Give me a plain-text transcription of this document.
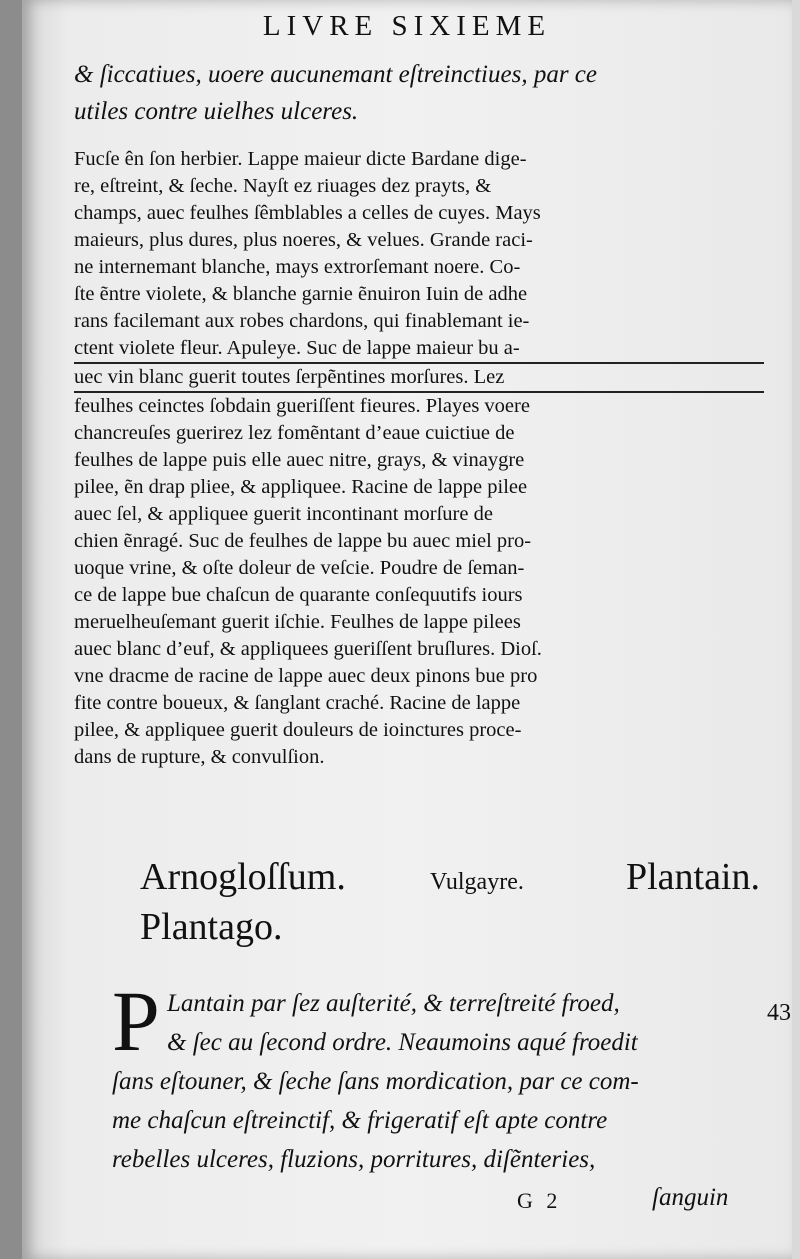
LIVRE SIXIEME
& ſiccatiues, uoere aucunemant eſtreinctiues, par ce
utiles contre uielhes ulceres.
Fucſe ên ſon herbier. Lappe maieur dicte Bardane dige-
re, eſtreint, & ſeche. Nayſt ez riuages dez prayts, &
champs, auec feulhes ſêmblables a celles de cuyes. Mays
maieurs, plus dures, plus noeres, & velues. Grande raci-
ne internemant blanche, mays extrorſemant noere. Co-
ſte ẽntre violete, & blanche garnie ẽnuiron Iuin de adhe
rans facilemant aux robes chardons, qui finablemant ie-
ctent violete fleur. Apuleye. Suc de lappe maieur bu a-
uec vin blanc guerit toutes ſerpẽntines morſures. Lez
feulhes ceinctes ſobdain gueriſſent fieures. Playes voere
chancreuſes guerirez lez fomẽntant d’eaue cuictiue de
feulhes de lappe puis elle auec nitre, grays, & vinaygre
pilee, ẽn drap pliee, & appliquee. Racine de lappe pilee
auec ſel, & appliquee guerit incontinant morſure de
chien ẽnragé. Suc de feulhes de lappe bu auec miel pro-
uoque vrine, & oſte doleur de veſcie. Poudre de ſeman-
ce de lappe bue chaſcun de quarante conſequutifs iours
meruelheuſemant guerit iſchie. Feulhes de lappe pilees
auec blanc d’euf, & appliquees gueriſſent bruſlures. Dioſ.
vne dracme de racine de lappe auec deux pinons bue pro
fite contre boueux, & ſanglant craché. Racine de lappe
pilee, & appliquee guerit douleurs de ioinctures proce-
dans de rupture, & convulſion.
Arnogloſſum.	Vulgayre.	Plantain.
Plantago.
P Lantain par ſez auſterité, & terreſtreité froed,
& ſec au ſecond ordre. Neaumoins aqué froedit
ſans eſtouner, & ſeche ſans mordication, par ce com-
me chaſcun eſtreinctif, & frigeratif eſt apte contre
rebelles ulceres, fluzions, porritures, diſẽnteries,
43
G 2	ſanguin
